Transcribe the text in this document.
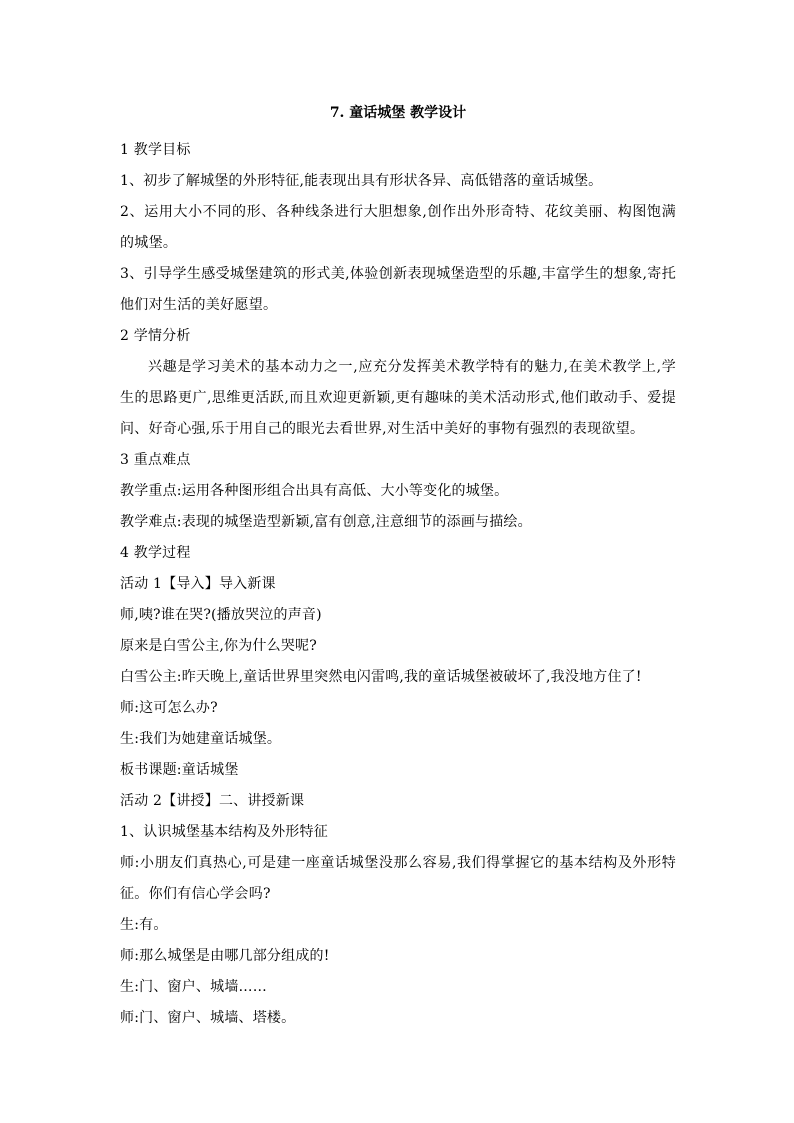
7. 童话城堡 教学设计

1 教学目标

1、初步了解城堡的外形特征,能表现出具有形状各异、高低错落的童话城堡。

2、运用大小不同的形、各种线条进行大胆想象,创作出外形奇特、花纹美丽、构图饱满的城堡。

3、引导学生感受城堡建筑的形式美,体验创新表现城堡造型的乐趣,丰富学生的想象,寄托他们对生活的美好愿望。

2 学情分析

兴趣是学习美术的基本动力之一,应充分发挥美术教学特有的魅力,在美术教学上,学生的思路更广,思维更活跃,而且欢迎更新颖,更有趣味的美术活动形式,他们敢动手、爱提问、好奇心强,乐于用自己的眼光去看世界,对生活中美好的事物有强烈的表现欲望。

3 重点难点

教学重点:运用各种图形组合出具有高低、大小等变化的城堡。

教学难点:表现的城堡造型新颖,富有创意,注意细节的添画与描绘。

4 教学过程

活动 1【导入】导入新课

师,咦?谁在哭?(播放哭泣的声音)

原来是白雪公主,你为什么哭呢?

白雪公主:昨天晚上,童话世界里突然电闪雷鸣,我的童话城堡被破坏了,我没地方住了!

师:这可怎么办?

生:我们为她建童话城堡。

板书课题:童话城堡

活动 2【讲授】二、讲授新课

1、认识城堡基本结构及外形特征

师:小朋友们真热心,可是建一座童话城堡没那么容易,我们得掌握它的基本结构及外形特征。你们有信心学会吗?

生:有。

师:那么城堡是由哪几部分组成的!

生:门、窗户、城墙……

师:门、窗户、城墙、塔楼。
